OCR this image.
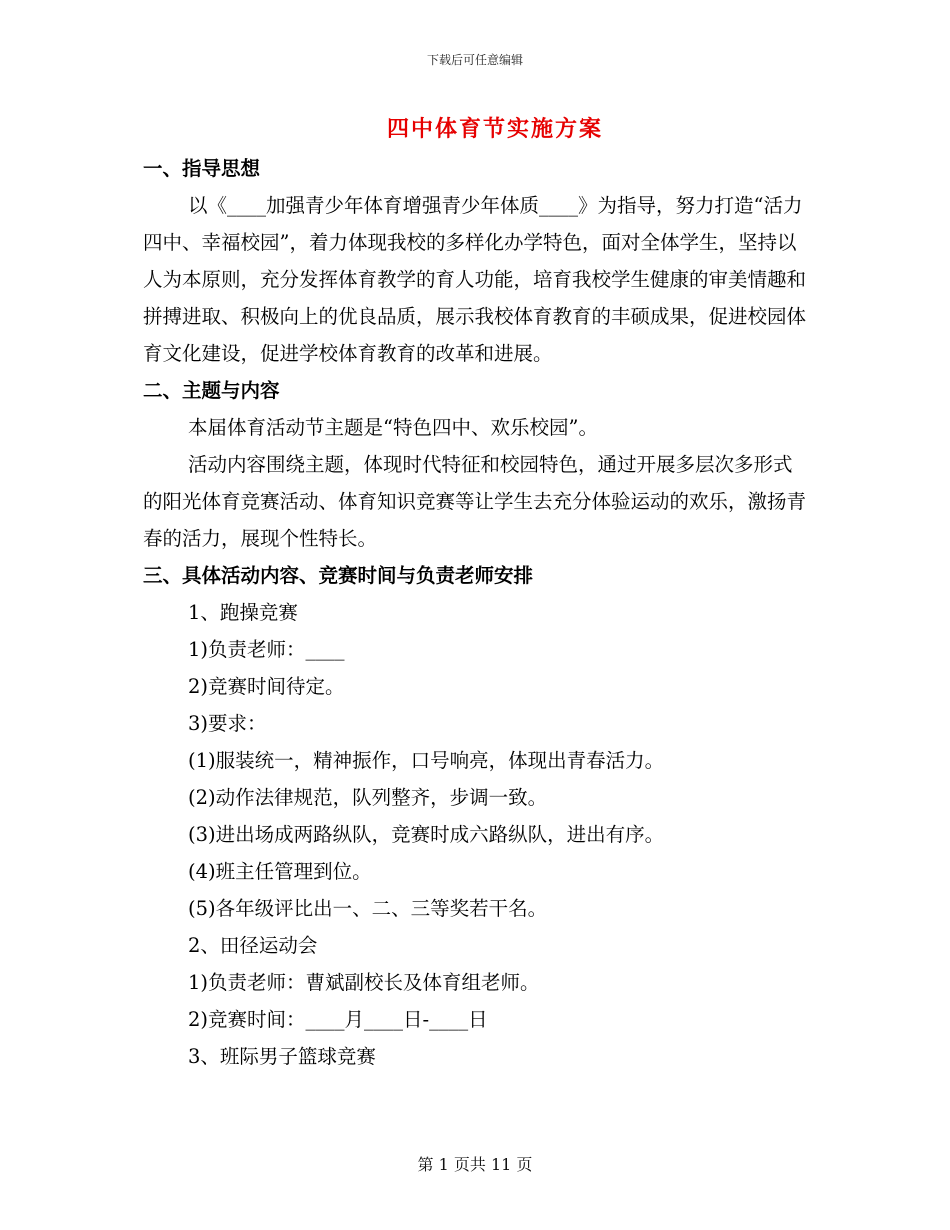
下载后可任意编辑
四中体育节实施方案

一、指导思想

以《____加强青少年体育增强青少年体质____》为指导，努力打造“活力四中、幸福校园”，着力体现我校的多样化办学特色，面对全体学生，坚持以人为本原则，充分发挥体育教学的育人功能，培育我校学生健康的审美情趣和拼搏进取、积极向上的优良品质，展示我校体育教育的丰硕成果，促进校园体育文化建设，促进学校体育教育的改革和进展。

二、主题与内容

本届体育活动节主题是“特色四中、欢乐校园”。

活动内容围绕主题，体现时代特征和校园特色，通过开展多层次多形式的阳光体育竞赛活动、体育知识竞赛等让学生去充分体验运动的欢乐，激扬青春的活力，展现个性特长。

三、具体活动内容、竞赛时间与负责老师安排

1、跑操竞赛

1)负责老师：____

2)竞赛时间待定。

3)要求：

(1)服装统一，精神振作，口号响亮，体现出青春活力。

(2)动作法律规范，队列整齐，步调一致。

(3)进出场成两路纵队，竞赛时成六路纵队，进出有序。

(4)班主任管理到位。

(5)各年级评比出一、二、三等奖若干名。

2、田径运动会

1)负责老师：曹斌副校长及体育组老师。

2)竞赛时间：____月____日-____日

3、班际男子篮球竞赛

第 1 页共 11 页
